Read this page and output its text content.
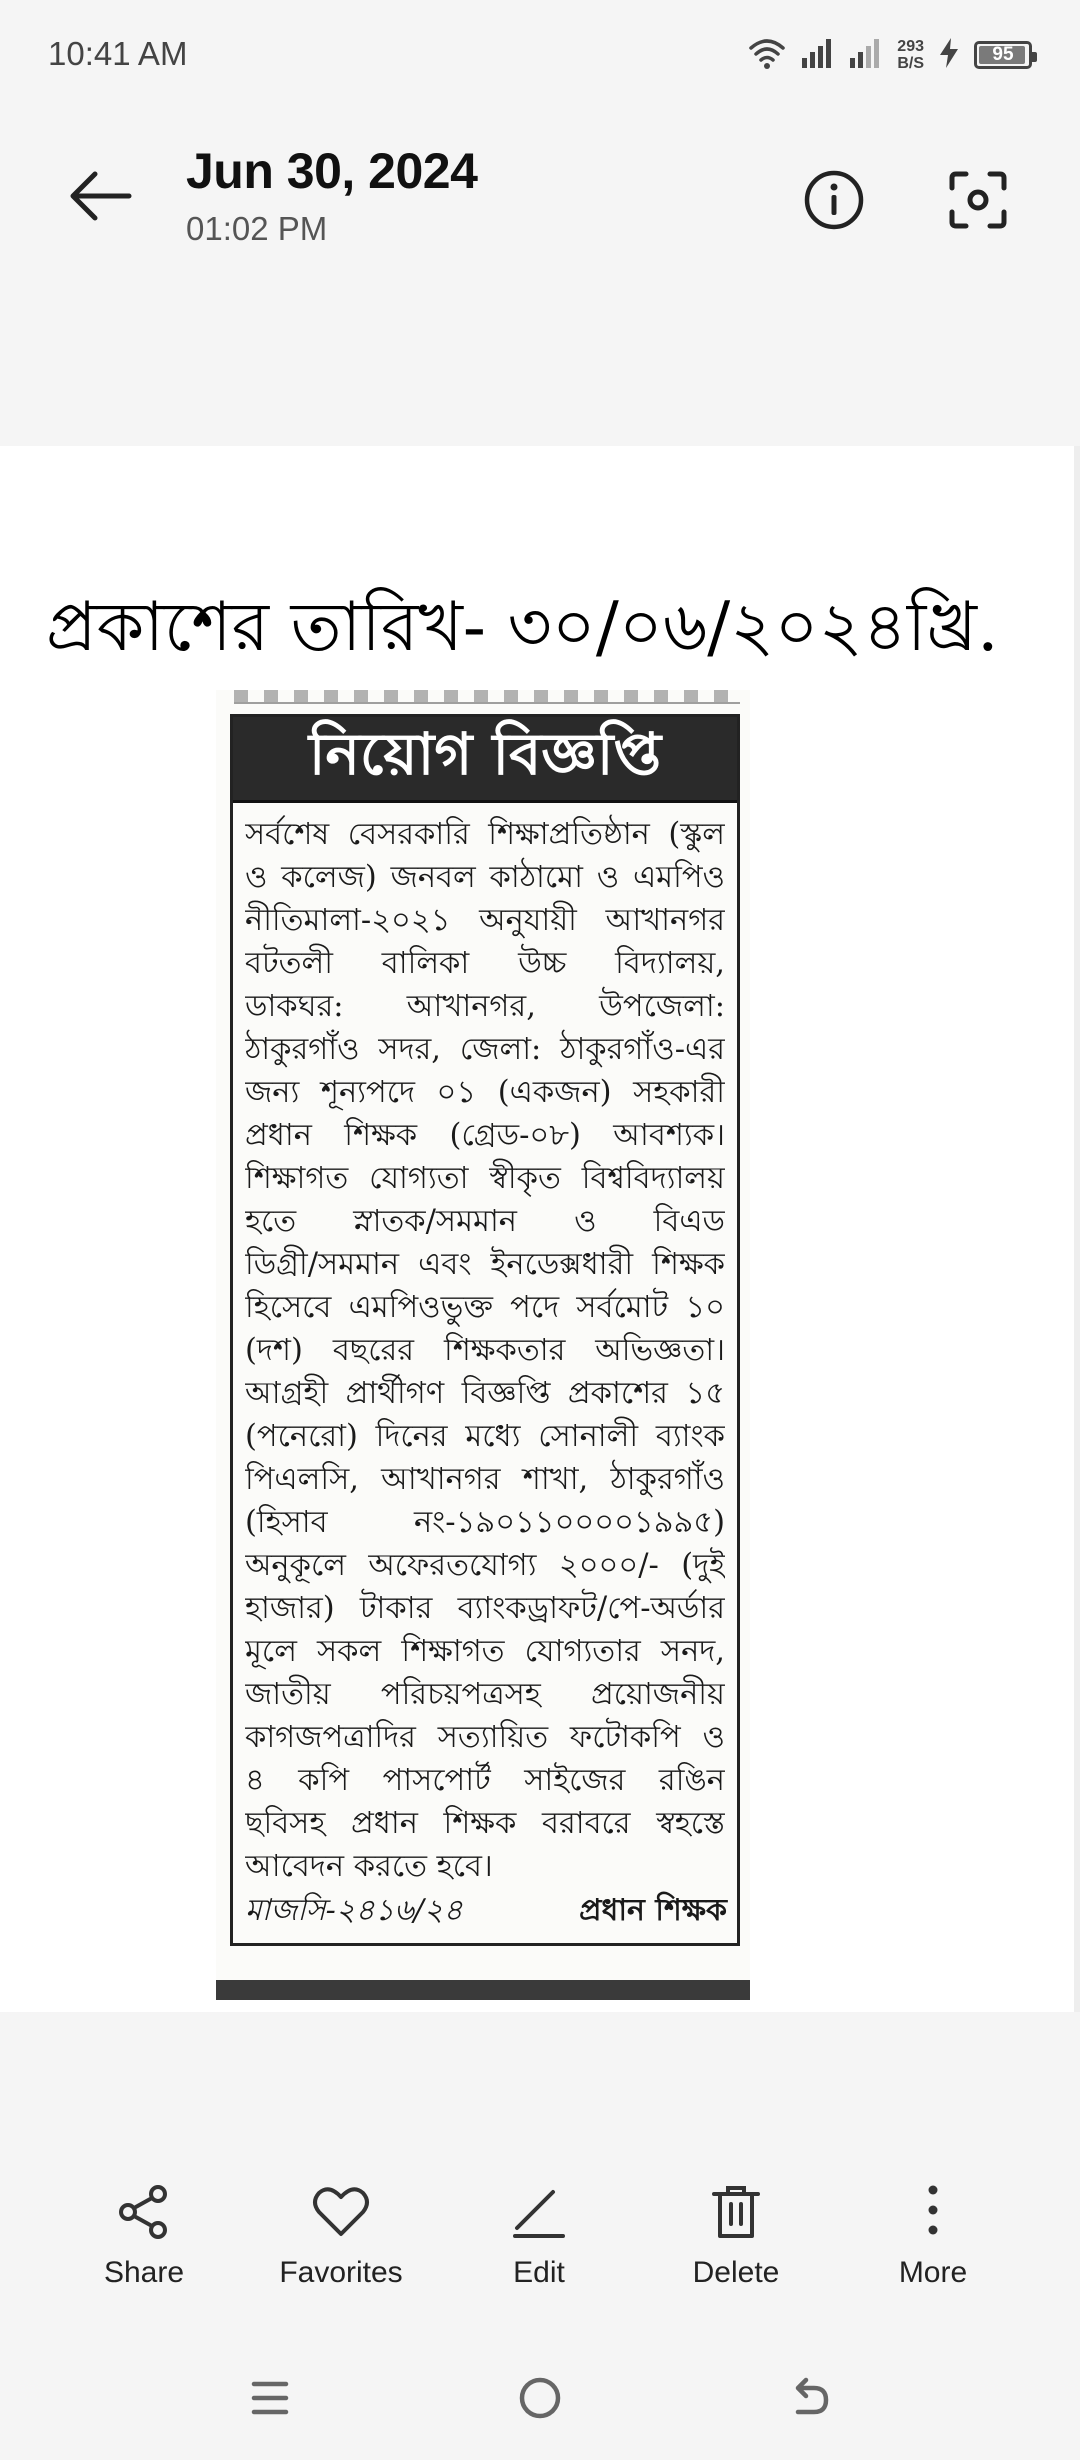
10:41 AM	293
B/S	95
Jun 30, 2024
01:02 PM
প্রকাশের তারিখ- ৩০/০৬/২০২৪খ্রি.
নিয়োগ বিজ্ঞপ্তি
সর্বশেষ বেসরকারি শিক্ষাপ্রতিষ্ঠান (স্কুল
ও কলেজ) জনবল কাঠামো ও এমপিও
নীতিমালা-২০২১ অনুযায়ী আখানগর
বটতলী বালিকা উচ্চ বিদ্যালয়,
ডাকঘর: আখানগর, উপজেলা:
ঠাকুরগাঁও সদর, জেলা: ঠাকুরগাঁও-এর
জন্য শূন্যপদে ০১ (একজন) সহকারী
প্রধান শিক্ষক (গ্রেড-০৮) আবশ্যক।
শিক্ষাগত যোগ্যতা স্বীকৃত বিশ্ববিদ্যালয়
হতে স্নাতক/সমমান ও বিএড
ডিগ্রী/সমমান এবং ইনডেক্সধারী শিক্ষক
হিসেবে এমপিওভুক্ত পদে সর্বমোট ১০
(দশ) বছরের শিক্ষকতার অভিজ্ঞতা।
আগ্রহী প্রার্থীগণ বিজ্ঞপ্তি প্রকাশের ১৫
(পনেরো) দিনের মধ্যে সোনালী ব্যাংক
পিএলসি, আখানগর শাখা, ঠাকুরগাঁও
(হিসাব নং-১৯০১১০০০০১৯৯৫)
অনুকূলে অফেরতযোগ্য ২০০০/- (দুই
হাজার) টাকার ব্যাংকড্রাফট/পে-অর্ডার
মূলে সকল শিক্ষাগত যোগ্যতার সনদ,
জাতীয় পরিচয়পত্রসহ প্রয়োজনীয়
কাগজপত্রাদির সত্যায়িত ফটোকপি ও
৪ কপি পাসপোর্ট সাইজের রঙিন
ছবিসহ প্রধান শিক্ষক বরাবরে স্বহস্তে
আবেদন করতে হবে।
মাজসি-২৪১৬/২৪	প্রধান শিক্ষক
Share	Favorites	Edit	Delete	More
